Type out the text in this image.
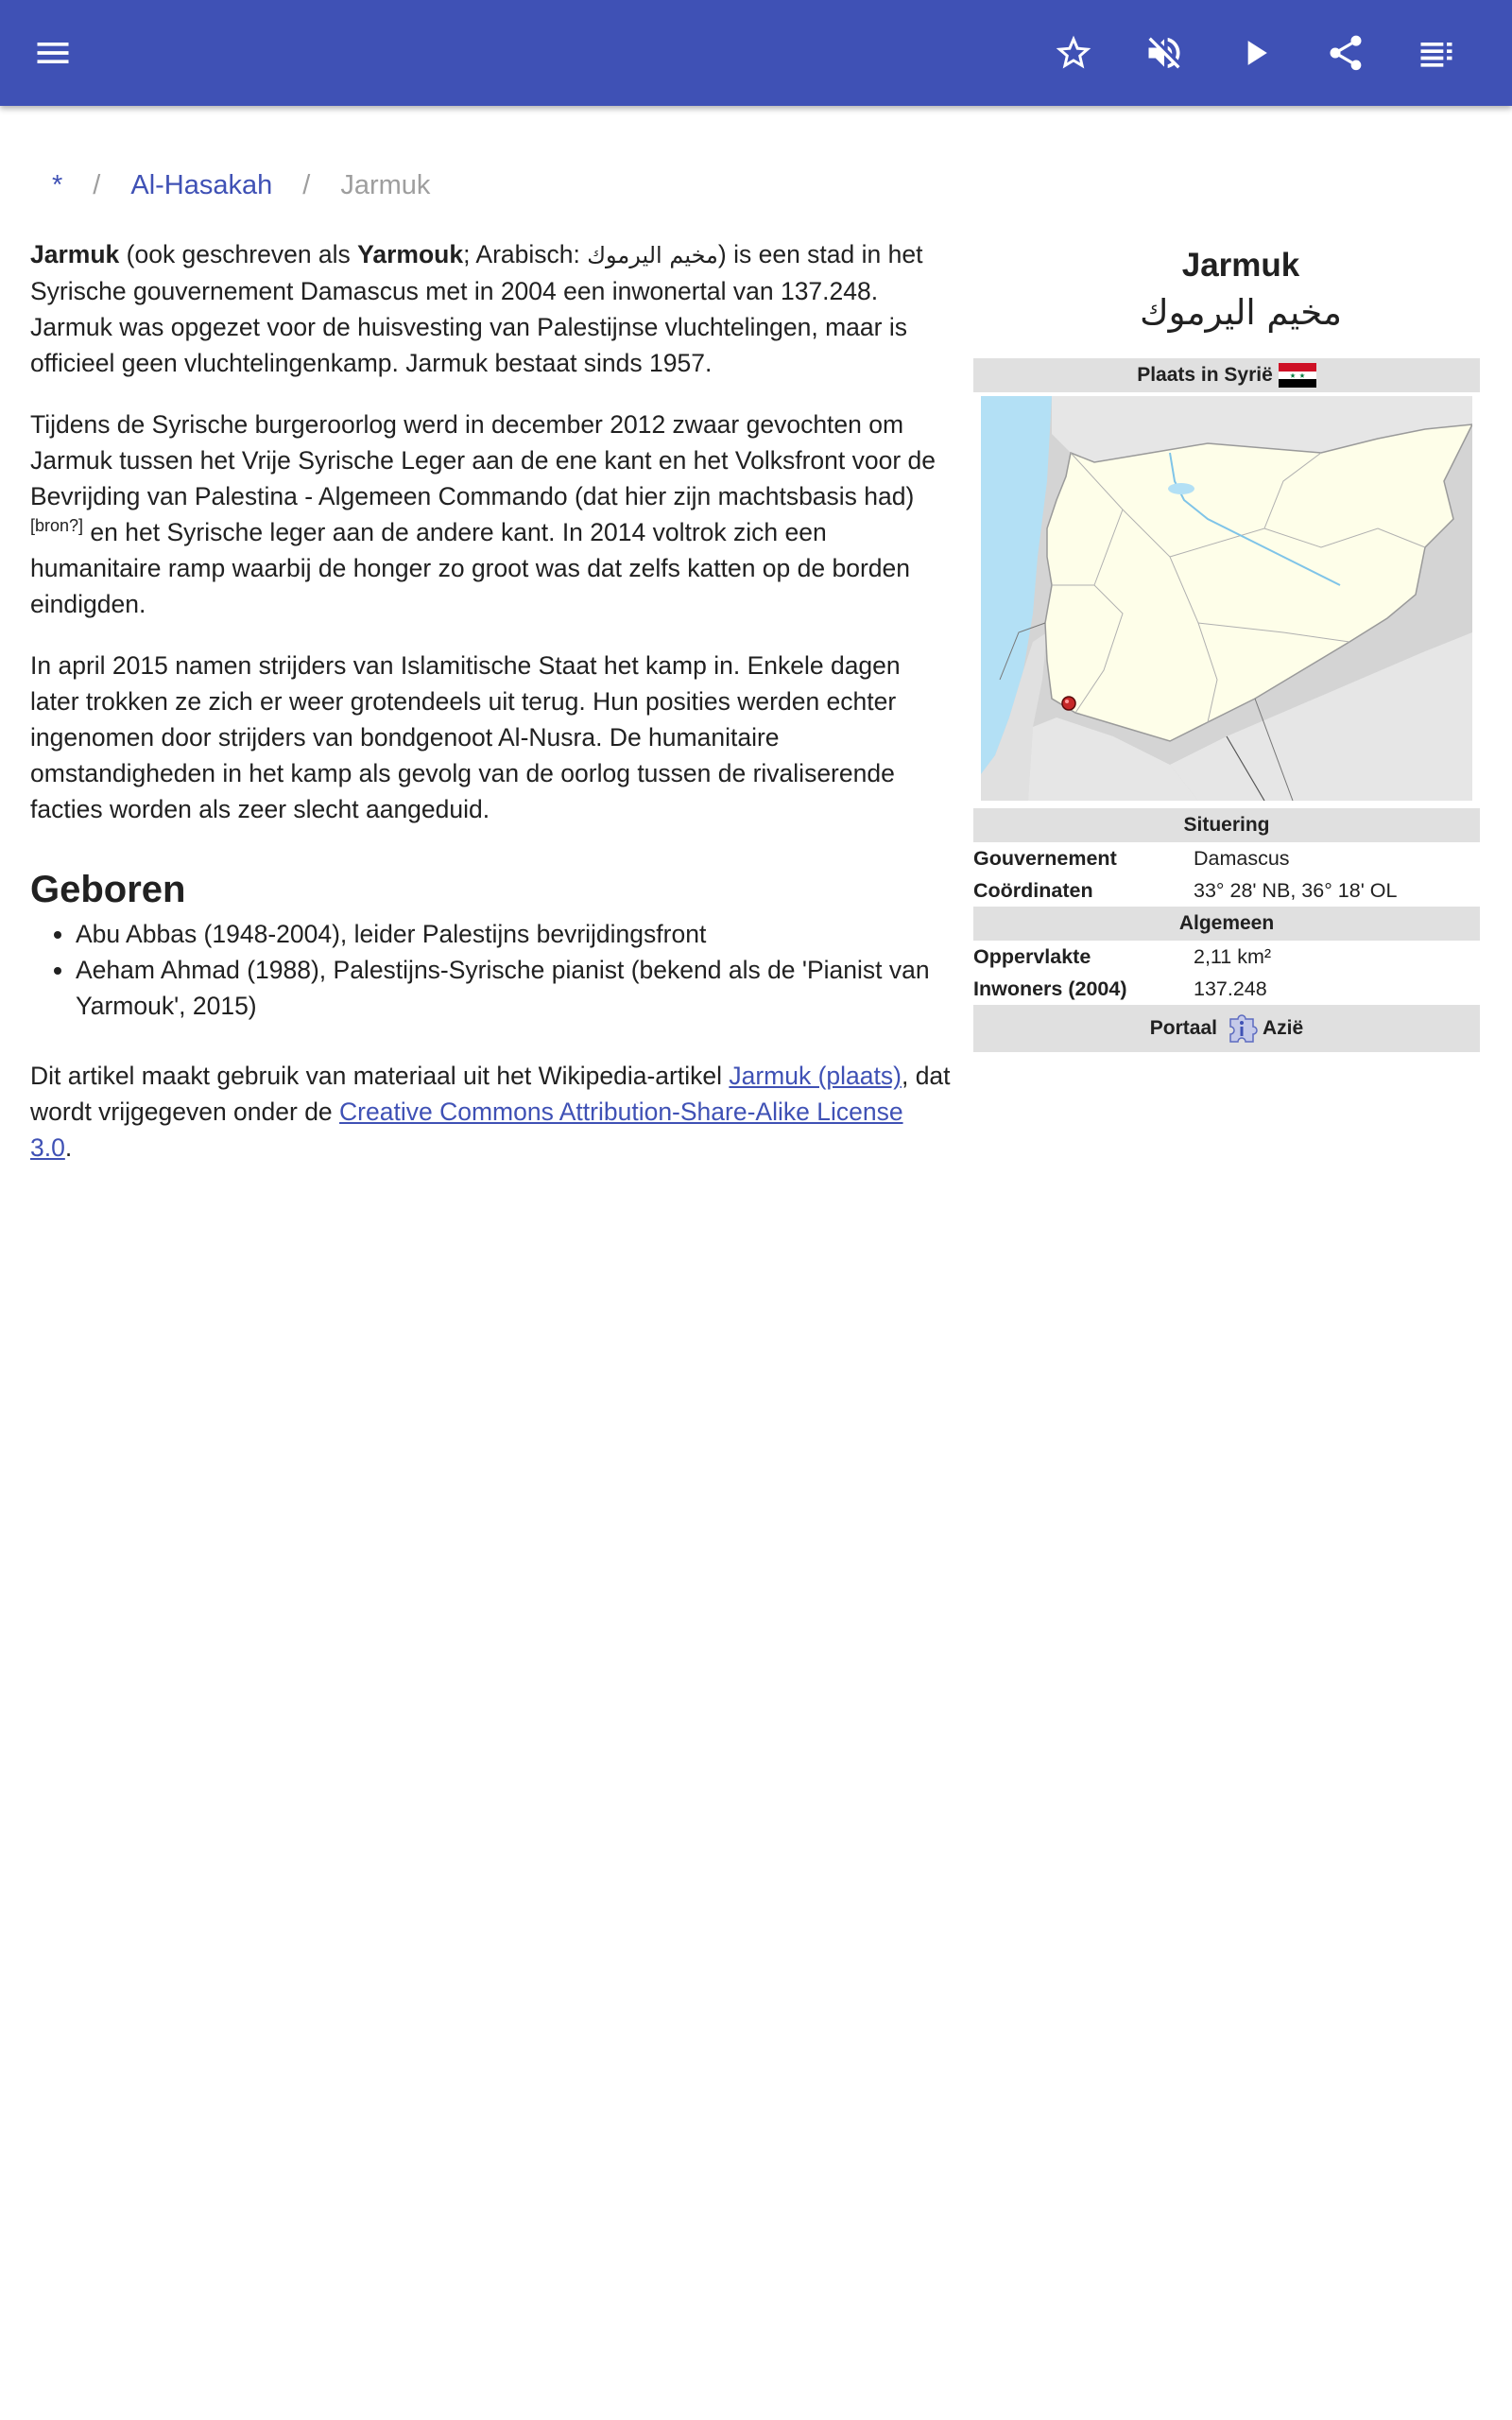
* / Al-Hasakah / Jarmuk

Jarmuk (ook geschreven als Yarmouk; Arabisch: مخيم اليرموك) is een stad in het Syrische gouvernement Damascus met in 2004 een inwonertal van 137.248. Jarmuk was opgezet voor de huisvesting van Palestijnse vluchtelingen, maar is officieel geen vluchtelingenkamp. Jarmuk bestaat sinds 1957.

Tijdens de Syrische burgeroorlog werd in december 2012 zwaar gevochten om Jarmuk tussen het Vrije Syrische Leger aan de ene kant en het Volksfront voor de Bevrijding van Palestina - Algemeen Commando (dat hier zijn machtsbasis had) [bron?] en het Syrische leger aan de andere kant. In 2014 voltrok zich een humanitaire ramp waarbij de honger zo groot was dat zelfs katten op de borden eindigden.

In april 2015 namen strijders van Islamitische Staat het kamp in. Enkele dagen later trokken ze zich er weer grotendeels uit terug. Hun posities werden echter ingenomen door strijders van bondgenoot Al-Nusra. De humanitaire omstandigheden in het kamp als gevolg van de oorlog tussen de rivaliserende facties worden als zeer slecht aangeduid.

Geboren
• Abu Abbas (1948-2004), leider Palestijns bevrijdingsfront
• Aeham Ahmad (1988), Palestijns-Syrische pianist (bekend als de 'Pianist van Yarmouk', 2015)

Dit artikel maakt gebruik van materiaal uit het Wikipedia-artikel Jarmuk (plaats), dat wordt vrijgegeven onder de Creative Commons Attribution-Share-Alike License 3.0.

Jarmuk
مخيم اليرموك
Plaats in Syrië
Situering
Gouvernement	Damascus
Coördinaten	33° 28' NB, 36° 18' OL
Algemeen
Oppervlakte	2,11 km²
Inwoners (2004)	137.248
Portaal Azië
